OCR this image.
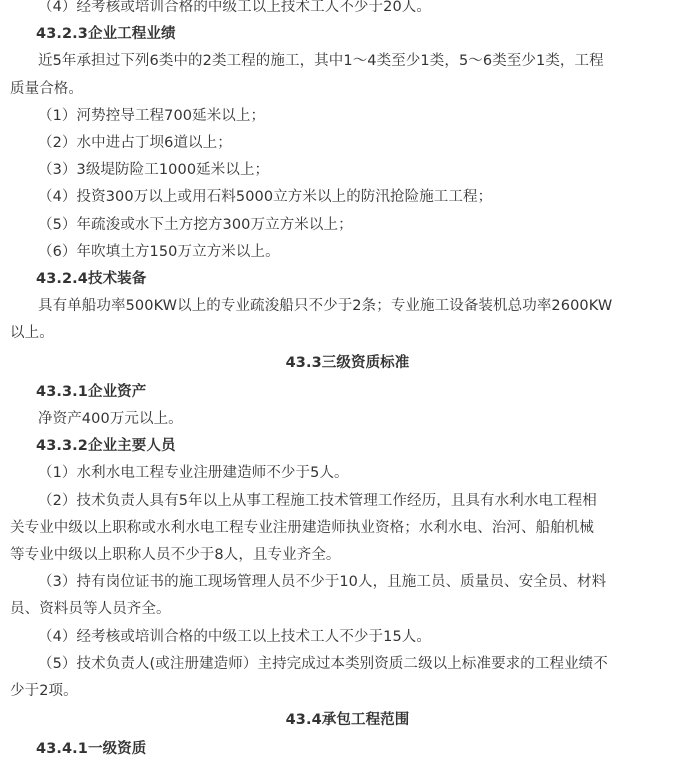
（4）经考核或培训合格的中级工以上技术工人不少于20人。
43.2.3企业工程业绩
近5年承担过下列6类中的2类工程的施工，其中1～4类至少1类，5～6类至少1类，工程
质量合格。
（1）河势控导工程700延米以上；
（2）水中进占丁坝6道以上；
（3）3级堤防险工1000延米以上；
（4）投资300万以上或用石料5000立方米以上的防汛抢险施工工程；
（5）年疏浚或水下土方挖方300万立方米以上；
（6）年吹填土方150万立方米以上。
43.2.4技术装备
具有单船功率500KW以上的专业疏浚船只不少于2条；专业施工设备装机总功率2600KW
以上。
43.3三级资质标准
43.3.1企业资产
净资产400万元以上。
43.3.2企业主要人员
（1）水利水电工程专业注册建造师不少于5人。
（2）技术负责人具有5年以上从事工程施工技术管理工作经历，且具有水利水电工程相
关专业中级以上职称或水利水电工程专业注册建造师执业资格；水利水电、治河、船舶机械
等专业中级以上职称人员不少于8人，且专业齐全。
（3）持有岗位证书的施工现场管理人员不少于10人，且施工员、质量员、安全员、材料
员、资料员等人员齐全。
（4）经考核或培训合格的中级工以上技术工人不少于15人。
（5）技术负责人(或注册建造师）主持完成过本类别资质二级以上标准要求的工程业绩不
少于2项。
43.4承包工程范围
43.4.1一级资质
